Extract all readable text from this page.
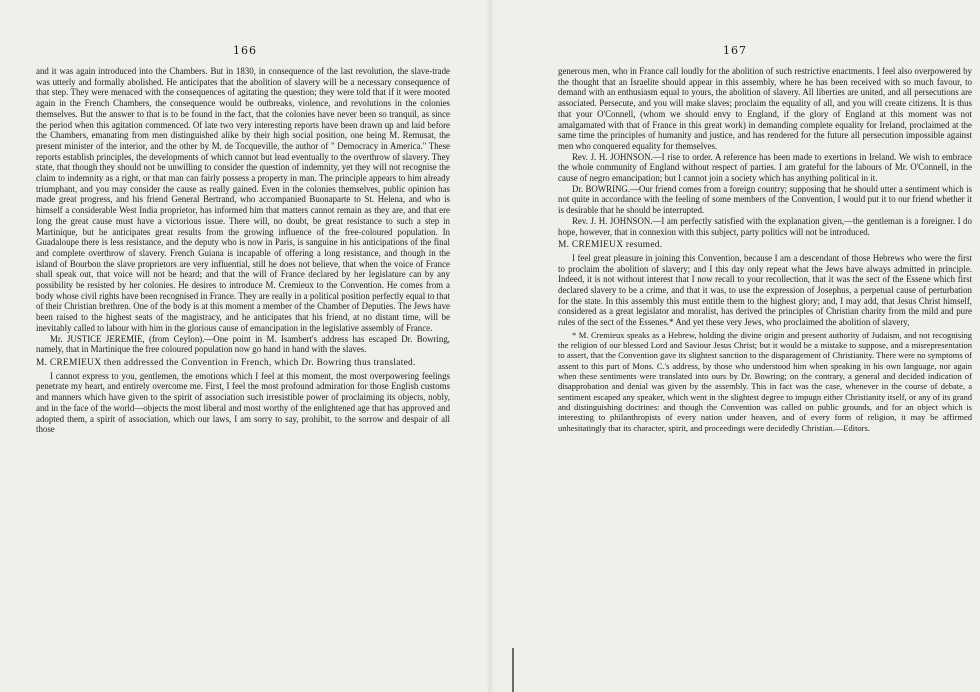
166

and it was again introduced into the Chambers. But in 1830, in consequence of the last revolution, the slave-trade was utterly and formally abolished. He anticipates that the abolition of slavery will be a necessary consequence of that step. They were menaced with the consequences of agitating the question; they were told that if it were mooted again in the French Chambers, the consequence would be outbreaks, violence, and revolutions in the colonies themselves. But the answer to that is to be found in the fact, that the colonies have never been so tranquil, as since the period when this agitation commenced. Of late two very interesting reports have been drawn up and laid before the Chambers, emanating from men distinguished alike by their high social position, one being M. Remusat, the present minister of the interior, and the other by M. de Tocqueville, the author of " Democracy in America." These reports establish principles, the developments of which cannot but lead eventually to the overthrow of slavery. They state, that though they should not be unwilling to consider the question of indemnity, yet they will not recognise the claim to indemnity as a right, or that man can fairly possess a property in man. The principle appears to him already triumphant, and you may consider the cause as really gained. Even in the colonies themselves, public opinion has made great progress, and his friend General Bertrand, who accompanied Buonaparte to St. Helena, and who is himself a considerable West India proprietor, has informed him that matters cannot remain as they are, and that ere long the great cause must have a victorious issue. There will, no doubt, be great resistance to such a step in Martinique, but he anticipates great results from the growing influence of the free-coloured population. In Guadaloupe there is less resistance, and the deputy who is now in Paris, is sanguine in his anticipations of the final and complete overthrow of slavery. French Guiana is incapable of offering a long resistance, and though in the island of Bourbon the slave proprietors are very influential, still he does not believe, that when the voice of France shall speak out, that voice will not be heard; and that the will of France declared by her legislature can by any possibility be resisted by her colonies. He desires to introduce M. Cremieux to the Convention. He comes from a body whose civil rights have been recognised in France. They are really in a political position perfectly equal to that of their Christian brethren. One of the body is at this moment a member of the Chamber of Deputies. The Jews have been raised to the highest seats of the magistracy, and he anticipates that his friend, at no distant time, will be inevitably called to labour with him in the glorious cause of emancipation in the legislative assembly of France.

Mr. JUSTICE JEREMIE, (from Ceylon).—One point in M. Isambert's address has escaped Dr. Bowring, namely, that in Martinique the free coloured population now go hand in hand with the slaves.

M. CREMIEUX then addressed the Convention in French, which Dr. Bowring thus translated.

I cannot express to you, gentlemen, the emotions which I feel at this moment, the most overpowering feelings penetrate my heart, and entirely overcome me. First, I feel the most profound admiration for those English customs and manners which have given to the spirit of association such irresistible power of proclaiming its objects, nobly, and in the face of the world—objects the most liberal and most worthy of the enlightened age that has approved and adopted them, a spirit of association, which our laws, I am sorry to say, prohibit, to the sorrow and despair of all those

167

generous men, who in France call loudly for the abolition of such restrictive enactments. I feel also overpowered by the thought that an Israelite should appear in this assembly, where he has been received with so much favour, to demand with an enthusiasm equal to yours, the abolition of slavery. All liberties are united, and all persecutions are associated. Persecute, and you will make slaves; proclaim the equality of all, and you will create citizens. It is thus that your O'Connell, (whom we should envy to England, if the glory of England at this moment was not amalgamated with that of France in this great work) in demanding complete equality for Ireland, proclaimed at the same time the principles of humanity and justice, and has rendered for the future all persecution impossible against men who conquered equality for themselves.

Rev. J. H. JOHNSON.—I rise to order. A reference has been made to exertions in Ireland. We wish to embrace the whole community of England without respect of parties. I am grateful for the labours of Mr. O'Connell, in the cause of negro emancipation; but I cannot join a society which has anything political in it.

Dr. BOWRING.—Our friend comes from a foreign country; supposing that he should utter a sentiment which is not quite in accordance with the feeling of some members of the Convention, I would put it to our friend whether it is desirable that he should be interrupted.

Rev. J. H. JOHNSON.—I am perfectly satisfied with the explanation given,—the gentleman is a foreigner. I do hope, however, that in connexion with this subject, party politics will not be introduced.

M. CREMIEUX resumed.

I feel great pleasure in joining this Convention, because I am a descendant of those Hebrews who were the first to proclaim the abolition of slavery; and I this day only repeat what the Jews have always admitted in principle. Indeed, it is not without interest that I now recall to your recollection, that it was the sect of the Essene which first declared slavery to be a crime, and that it was, to use the expression of Josephus, a perpetual cause of perturbation for the state. In this assembly this must entitle them to the highest glory; and, I may add, that Jesus Christ himself, considered as a great legislator and moralist, has derived the principles of Christian charity from the mild and pure rules of the sect of the Essenes.* And yet these very Jews, who proclaimed the abolition of slavery,

* M. Cremieux speaks as a Hebrew, holding the divine origin and present authority of Judaism, and not recognising the religion of our blessed Lord and Saviour Jesus Christ; but it would be a mistake to suppose, and a misrepresentation to assert, that the Convention gave its slightest sanction to the disparagement of Christianity. There were no symptoms of assent to this part of Mons. C.'s address, by those who understood him when speaking in his own language, nor again when these sentiments were translated into ours by Dr. Bowring; on the contrary, a general and decided indication of disapprobation and denial was given by the assembly. This in fact was the case, whenever in the course of debate, a sentiment escaped any speaker, which went in the slightest degree to impugn either Christianity itself, or any of its grand and distinguishing doctrines: and though the Convention was called on public grounds, and for an object which is interesting to philanthropists of every nation under heaven, and of every form of religion, it may be affirmed unhesitatingly that its character, spirit, and proceedings were decidedly Christian.—Editors.
